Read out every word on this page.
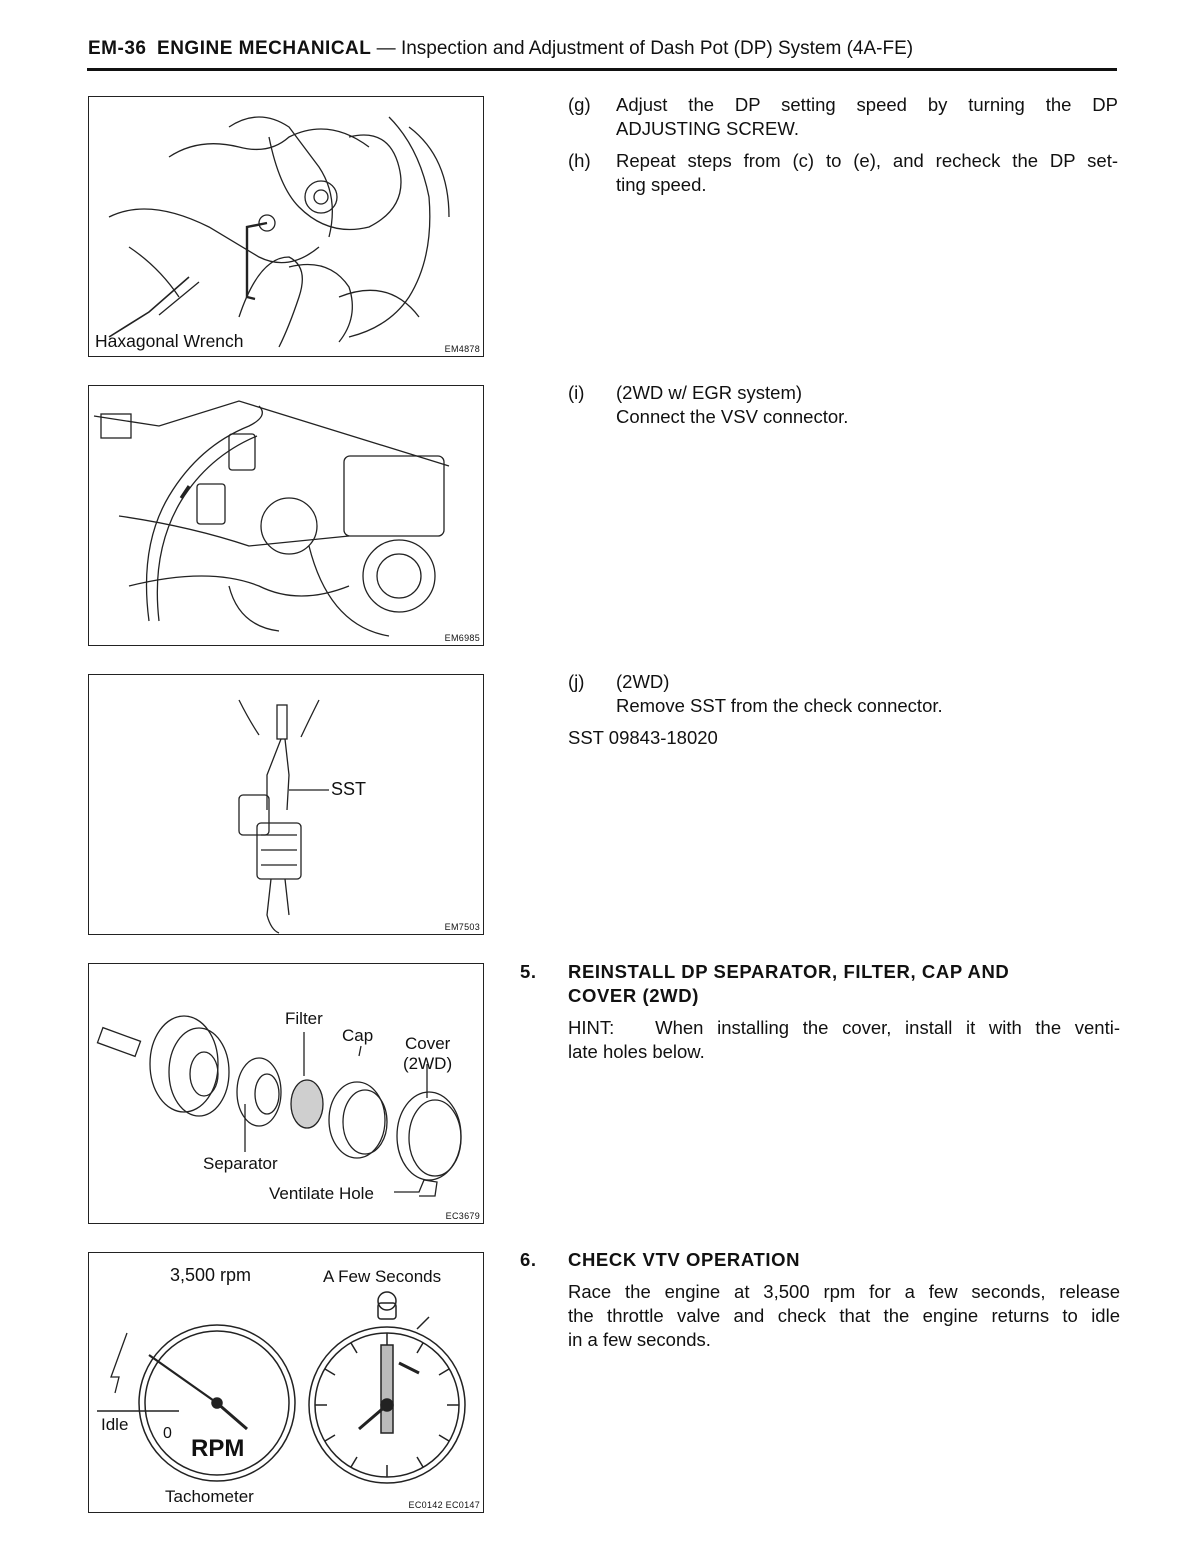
EM-36 ENGINE MECHANICAL — Inspection and Adjustment of Dash Pot (DP) System (4A-FE)
Haxagonal Wrench	EM4878
EM6985
SST
EM7503
Filter
Cap Cover
(2WD)
Separator
Ventilate Hole
EC3679
3,500 rpm	A Few Seconds
Idle 0
RPM
Tachometer	EC0142 EC0147
(g) Adjust the DP setting speed by turning the DP
ADJUSTING SCREW.
(h) Repeat steps from (c) to (e), and recheck the DP set-
ting speed.
(i) (2WD w/ EGR system)
Connect the VSV connector.
(j) (2WD)
Remove SST from the check connector.
SST 09843-18020
5. REINSTALL DP SEPARATOR, FILTER, CAP AND
COVER (2WD)
HINT:   When installing the cover, install it with the venti-
late holes below.
6. CHECK VTV OPERATION
Race the engine at 3,500 rpm for a few seconds, release
the throttle valve and check that the engine returns to idle
in a few seconds.
